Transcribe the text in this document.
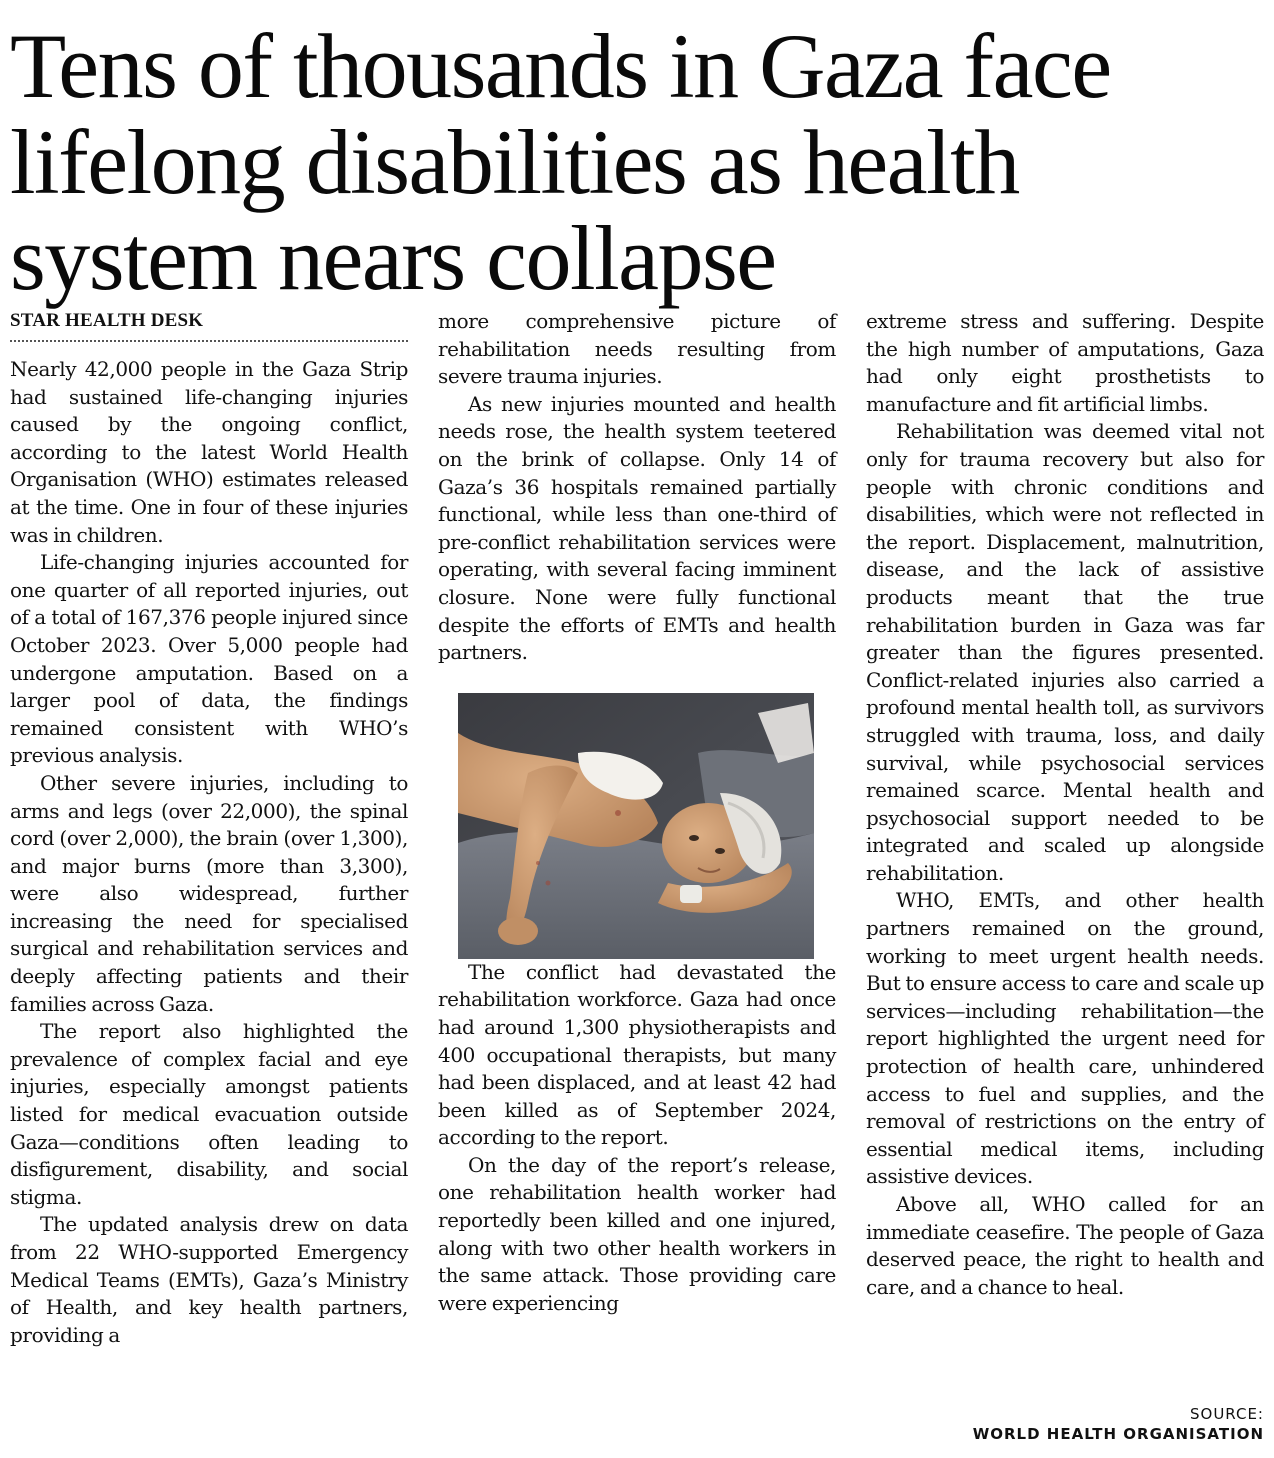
Tens of thousands in Gaza face lifelong disabilities as health system nears collapse
STAR HEALTH DESK

Nearly 42,000 people in the Gaza Strip had sustained life-changing injuries caused by the ongoing conflict, according to the latest World Health Organisation (WHO) estimates released at the time. One in four of these injuries was in children.

Life-changing injuries accounted for one quarter of all reported injuries, out of a total of 167,376 people injured since October 2023. Over 5,000 people had undergone amputation. Based on a larger pool of data, the findings remained consistent with WHO’s previous analysis.

Other severe injuries, including to arms and legs (over 22,000), the spinal cord (over 2,000), the brain (over 1,300), and major burns (more than 3,300), were also widespread, further increasing the need for specialised surgical and rehabilitation services and deeply affecting patients and their families across Gaza.

The report also highlighted the prevalence of complex facial and eye injuries, especially amongst patients listed for medical evacuation outside Gaza—conditions often leading to disfigurement, disability, and social stigma.

The updated analysis drew on data from 22 WHO-supported Emergency Medical Teams (EMTs), Gaza’s Ministry of Health, and key health partners, providing a

more comprehensive picture of rehabilitation needs resulting from severe trauma injuries.

As new injuries mounted and health needs rose, the health system teetered on the brink of collapse. Only 14 of Gaza’s 36 hospitals remained partially functional, while less than one-third of pre-conflict rehabilitation services were operating, with several facing imminent closure. None were fully functional despite the efforts of EMTs and health partners.

The conflict had devastated the rehabilitation workforce. Gaza had once had around 1,300 physiotherapists and 400 occupational therapists, but many had been displaced, and at least 42 had been killed as of September 2024, according to the report.

On the day of the report’s release, one rehabilitation health worker had reportedly been killed and one injured, along with two other health workers in the same attack. Those providing care were experiencing

extreme stress and suffering. Despite the high number of amputations, Gaza had only eight prosthetists to manufacture and fit artificial limbs.

Rehabilitation was deemed vital not only for trauma recovery but also for people with chronic conditions and disabilities, which were not reflected in the report. Displacement, malnutrition, disease, and the lack of assistive products meant that the true rehabilitation burden in Gaza was far greater than the figures presented. Conflict-related injuries also carried a profound mental health toll, as survivors struggled with trauma, loss, and daily survival, while psychosocial services remained scarce. Mental health and psychosocial support needed to be integrated and scaled up alongside rehabilitation.

WHO, EMTs, and other health partners remained on the ground, working to meet urgent health needs. But to ensure access to care and scale up services—including rehabilitation—the report highlighted the urgent need for protection of health care, unhindered access to fuel and supplies, and the removal of restrictions on the entry of essential medical items, including assistive devices.

Above all, WHO called for an immediate ceasefire. The people of Gaza deserved peace, the right to health and care, and a chance to heal.

SOURCE:
WORLD HEALTH ORGANISATION
